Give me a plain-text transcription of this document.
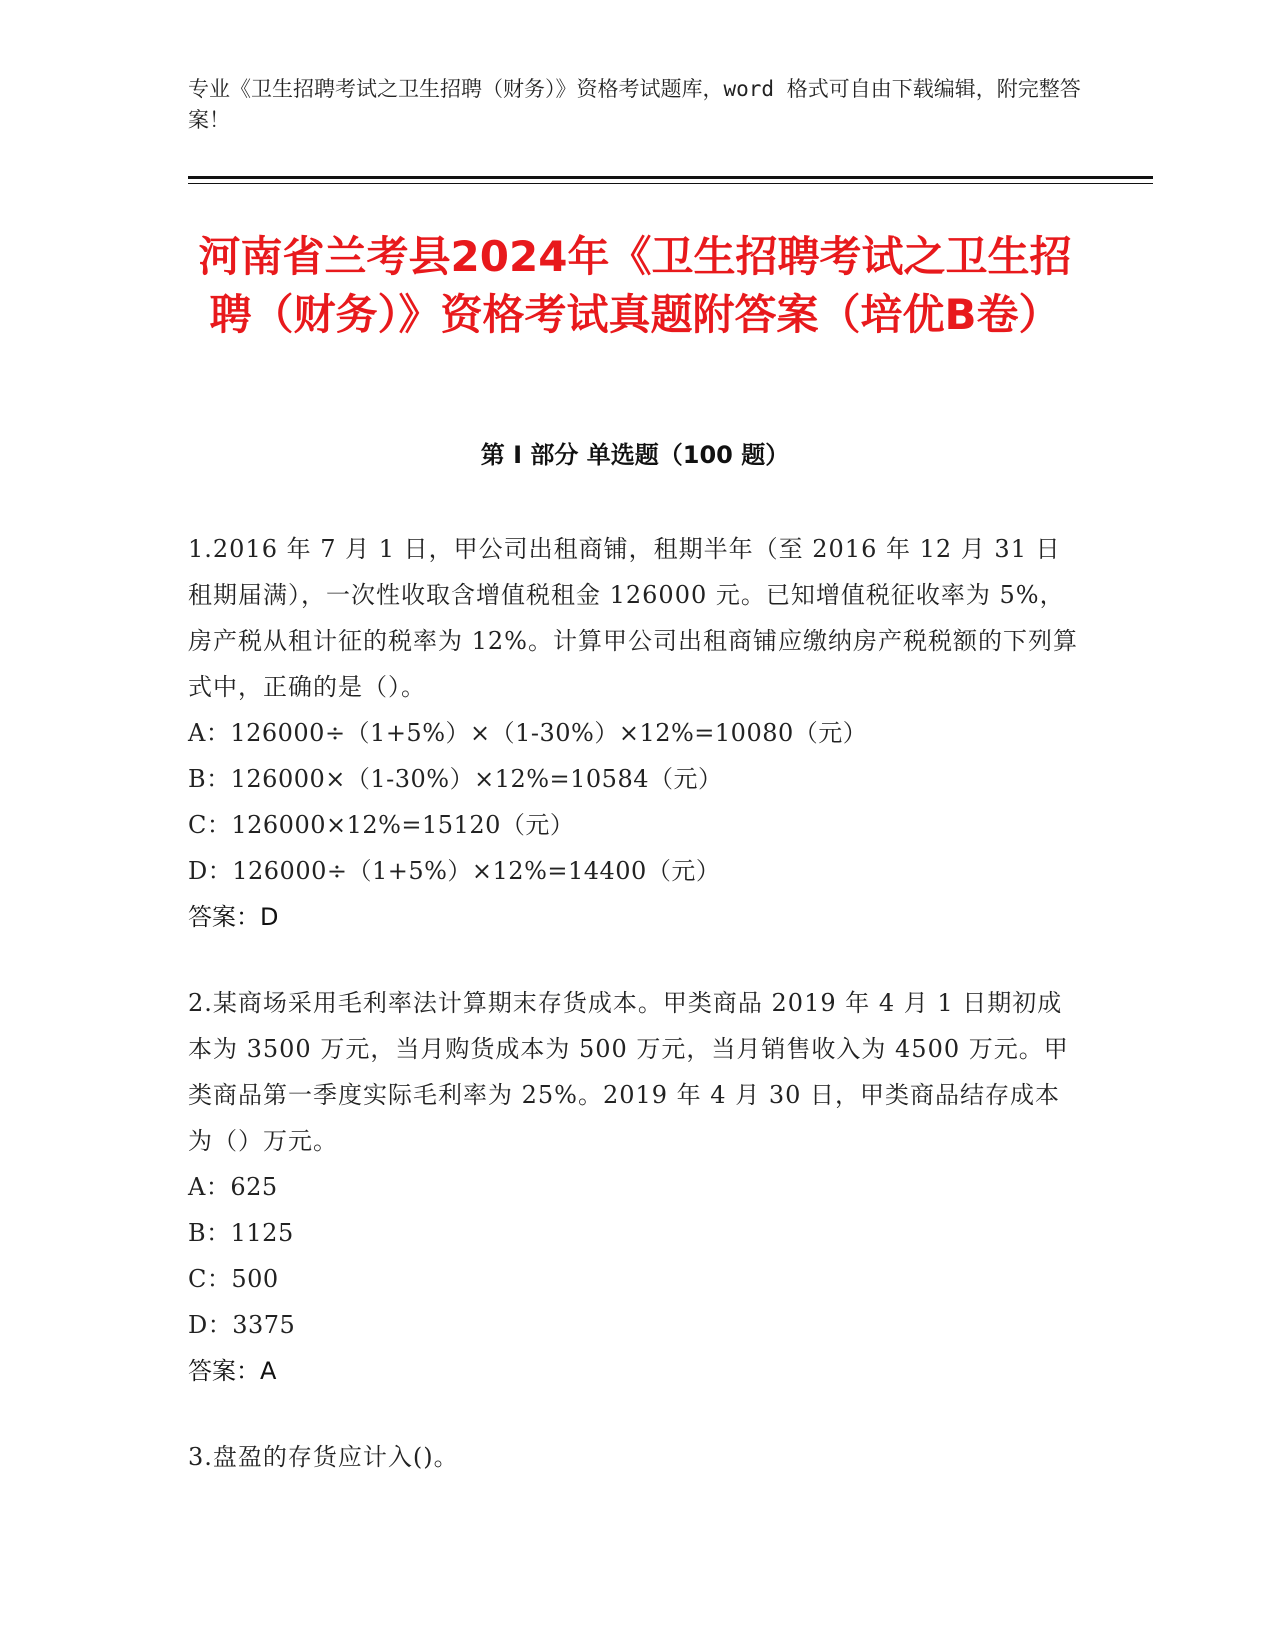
专业《卫生招聘考试之卫生招聘（财务）》资格考试题库，word 格式可自由下载编辑，附完整答案！
河南省兰考县2024年《卫生招聘考试之卫生招聘（财务）》资格考试真题附答案（培优B卷）
第 I 部分 单选题（100 题）
1.2016 年 7 月 1 日，甲公司出租商铺，租期半年（至 2016 年 12 月 31 日租期届满），一次性收取含增值税租金 126000 元。已知增值税征收率为 5%，房产税从租计征的税率为 12%。计算甲公司出租商铺应缴纳房产税税额的下列算式中，正确的是（）。
A：126000÷（1+5%）×（1-30%）×12%=10080（元）
B：126000×（1-30%）×12%=10584（元）
C：126000×12%=15120（元）
D：126000÷（1+5%）×12%=14400（元）
答案：D
2.某商场采用毛利率法计算期末存货成本。甲类商品 2019 年 4 月 1 日期初成本为 3500 万元，当月购货成本为 500 万元，当月销售收入为 4500 万元。甲类商品第一季度实际毛利率为 25%。2019 年 4 月 30 日，甲类商品结存成本为（）万元。
A：625
B：1125
C：500
D：3375
答案：A
3.盘盈的存货应计入()。
